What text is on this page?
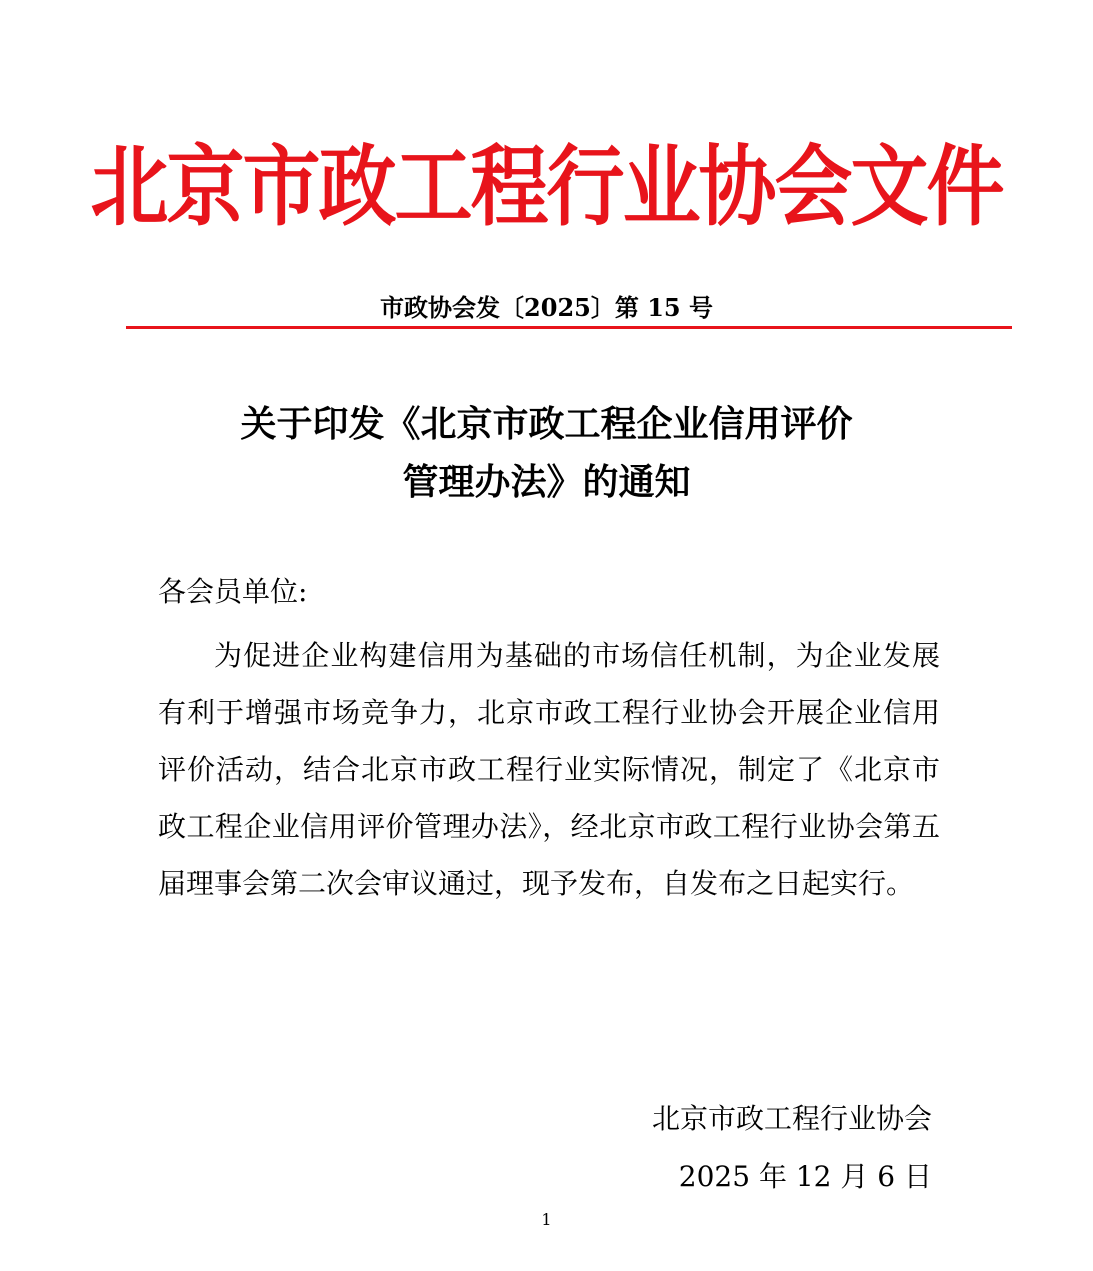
北京市政工程行业协会文件
市政协会发〔2025〕第 15 号
关于印发《北京市政工程企业信用评价
管理办法》的通知
各会员单位:
为促进企业构建信用为基础的市场信任机制，为企业发展有利于增强市场竞争力，北京市政工程行业协会开展企业信用评价活动，结合北京市政工程行业实际情况，制定了《北京市政工程企业信用评价管理办法》，经北京市政工程行业协会第五届理事会第二次会审议通过，现予发布，自发布之日起实行。
北京市政工程行业协会
2025 年 12 月 6 日
1
